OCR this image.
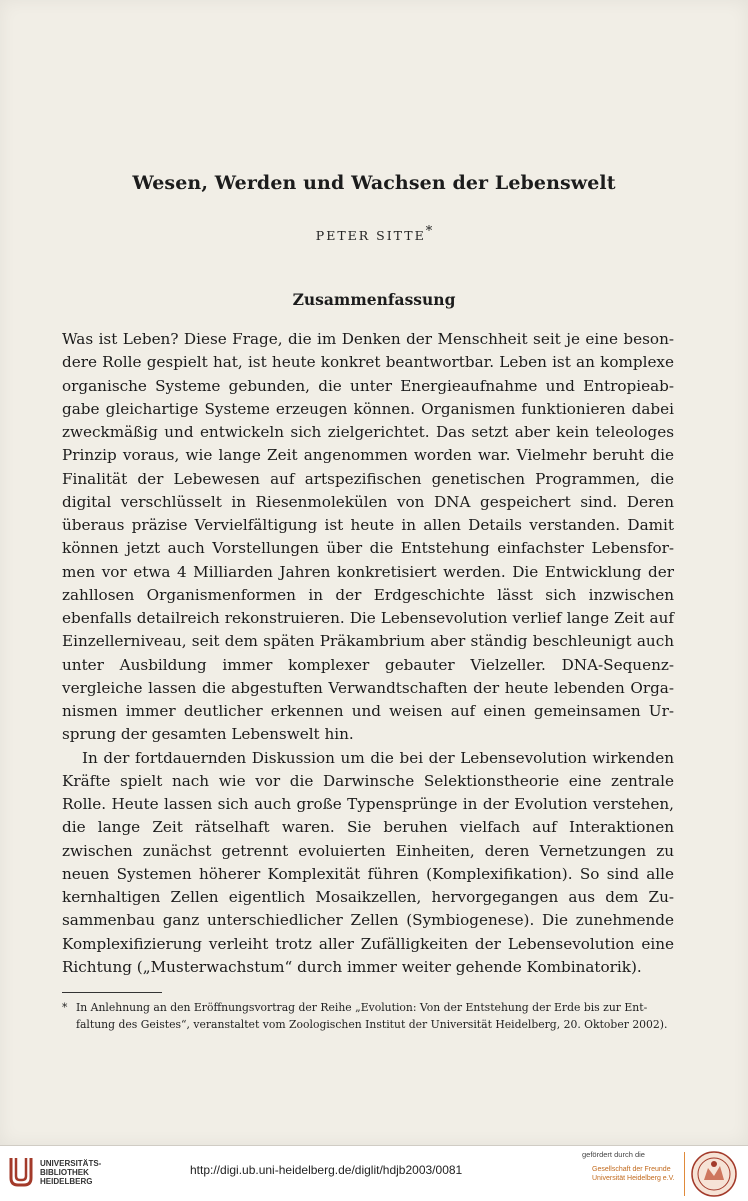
Wesen, Werden und Wachsen der Lebenswelt
PETER SITTE*
Zusammenfassung

Was ist Leben? Diese Frage, die im Denken der Menschheit seit je eine besondere Rolle gespielt hat, ist heute konkret beantwortbar. Leben ist an komplexe organische Systeme gebunden, die unter Energieaufnahme und Entropieabgabe gleichartige Systeme erzeugen können. Organismen funktionieren dabei zweckmäßig und entwickeln sich zielgerichtet. Das setzt aber kein teleologes Prinzip voraus, wie lange Zeit angenommen worden war. Vielmehr beruht die Finalität der Lebewesen auf artspezifischen genetischen Programmen, die digital verschlüsselt in Riesenmolekülen von DNA gespeichert sind. Deren überaus präzise Vervielfältigung ist heute in allen Details verstanden. Damit können jetzt auch Vorstellungen über die Entstehung einfachster Lebensformen vor etwa 4 Milliarden Jahren konkretisiert werden. Die Entwicklung der zahllosen Organismenformen in der Erdgeschichte lässt sich inzwischen ebenfalls detailreich rekonstruieren. Die Lebensevolution verlief lange Zeit auf Einzellerniveau, seit dem späten Präkambrium aber ständig beschleunigt auch unter Ausbildung immer komplexer gebauter Vielzeller. DNA-Sequenzvergleiche lassen die abgestuften Verwandtschaften der heute lebenden Organismen immer deutlicher erkennen und weisen auf einen gemeinsamen Ursprung der gesamten Lebenswelt hin.

In der fortdauernden Diskussion um die bei der Lebensevolution wirkenden Kräfte spielt nach wie vor die Darwinsche Selektionstheorie eine zentrale Rolle. Heute lassen sich auch große Typensprünge in der Evolution verstehen, die lange Zeit rätselhaft waren. Sie beruhen vielfach auf Interaktionen zwischen zunächst getrennt evoluierten Einheiten, deren Vernetzungen zu neuen Systemen höherer Komplexität führen (Komplexifikation). So sind alle kernhaltigen Zellen eigentlich Mosaikzellen, hervorgegangen aus dem Zusammenbau ganz unterschiedlicher Zellen (Symbiogenese). Die zunehmende Komplexifizierung verleiht trotz aller Zufälligkeiten der Lebensevolution eine Richtung („Musterwachstum“ durch immer weiter gehende Kombinatorik).

* In Anlehnung an den Eröffnungsvortrag der Reihe „Evolution: Von der Entstehung der Erde bis zur Ent-
faltung des Geistes“, veranstaltet vom Zoologischen Institut der Universität Heidelberg, 20. Oktober 2002).
UNIVERSITÄTS-
BIBLIOTHEK
HEIDELBERG
http://digi.ub.uni-heidelberg.de/diglit/hdjb2003/0081
gefördert durch die
Gesellschaft der Freunde
Universität Heidelberg e.V.
